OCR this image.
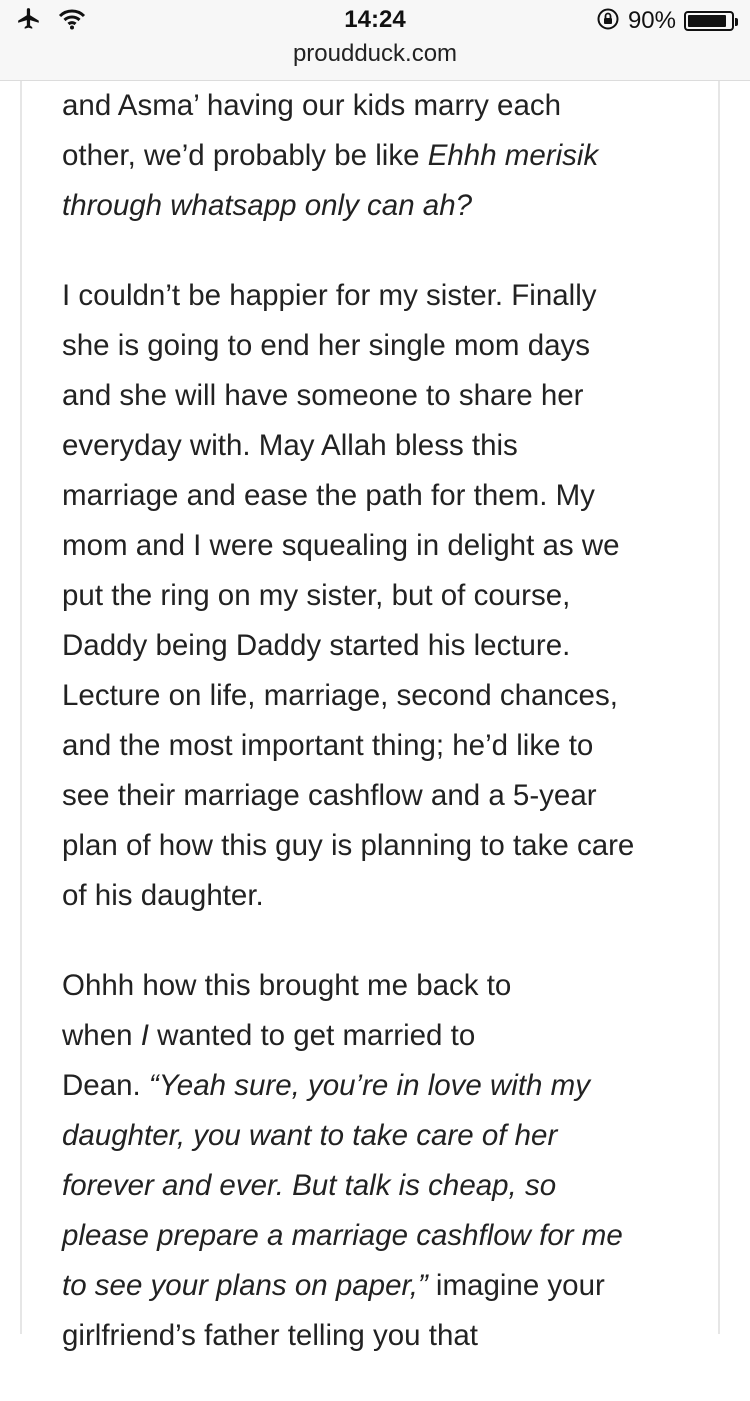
14:24	90%
proudduck.com

and Asma’ having our kids marry each
other, we’d probably be like Ehhh merisik
through whatsapp only can ah?

I couldn’t be happier for my sister. Finally
she is going to end her single mom days
and she will have someone to share her
everyday with. May Allah bless this
marriage and ease the path for them. My
mom and I were squealing in delight as we
put the ring on my sister, but of course,
Daddy being Daddy started his lecture.
Lecture on life, marriage, second chances,
and the most important thing; he’d like to
see their marriage cashflow and a 5-year
plan of how this guy is planning to take care
of his daughter.

Ohhh how this brought me back to
when I wanted to get married to
Dean. “Yeah sure, you’re in love with my
daughter, you want to take care of her
forever and ever. But talk is cheap, so
please prepare a marriage cashflow for me
to see your plans on paper,” imagine your
girlfriend’s father telling you that
